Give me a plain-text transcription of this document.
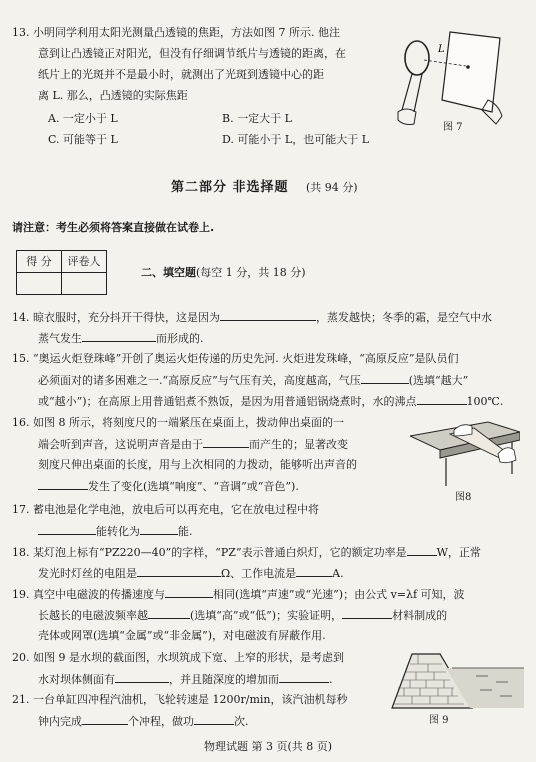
13. 小明同学利用太阳光测量凸透镜的焦距，方法如图 7 所示. 他注
意到让凸透镜正对阳光，但没有仔细调节纸片与透镜的距离，在
纸片上的光斑并不是最小时，就测出了光斑到透镜中心的距
离 L. 那么，凸透镜的实际焦距
A. 一定小于 L	B. 一定大于 L
C. 可能等于 L	D. 可能小于 L，也可能大于 L
L
图 7
第二部分 非选择题 (共 94 分)
请注意：考生必须将答案直接做在试卷上.
得 分	评卷人

二、填空题(每空 1 分，共 18 分)
14. 晾衣服时，充分抖开干得快，这是因为	，蒸发越快；冬季的霜，是空气中水
蒸气发生	而形成的.
15. “奥运火炬登珠峰”开创了奥运火炬传递的历史先河. 火炬进发珠峰，“高原反应”是队员们
必须面对的诸多困难之一.“高原反应”与气压有关，高度越高，气压	(选填“越大”
或“越小”)；在高原上用普通铝煮不熟饭，是因为用普通铝锅烧煮时，水的沸点	100℃.
16. 如图 8 所示，将刻度尺的一端紧压在桌面上，拨动伸出桌面的一
端会听到声音，这说明声音是由于	而产生的；显著改变
刻度尺伸出桌面的长度，用与上次相同的力拨动，能够听出声音的
发生了变化(选填“响度”、“音调”或“音色”).
图8
17. 蓄电池是化学电池，放电后可以再充电，它在放电过程中将
能转化为	能.
18. 某灯泡上标有“PZ220—40”的字样，“PZ”表示普通白炽灯，它的额定功率是	W，正常
发光时灯丝的电阻是	Ω、工作电流是	A.
19. 真空中电磁波的传播速度与	相同(选填“声速”或“光速”)；由公式 v=λf 可知，波
长越长的电磁波频率越	(选填“高”或“低”)；实验证明，	材料制成的
壳体或网罩(选填“金属”或“非金属”)，对电磁波有屏蔽作用.
20. 如图 9 是水坝的截面图，水坝筑成下宽、上窄的形状，是考虑到
水对坝体侧面有	，并且随深度的增加而	.
图 9
21. 一台单缸四冲程汽油机，飞轮转速是 1200r/min，该汽油机每秒
钟内完成	个冲程，做功	次.
物理试题 第 3 页(共 8 页)
